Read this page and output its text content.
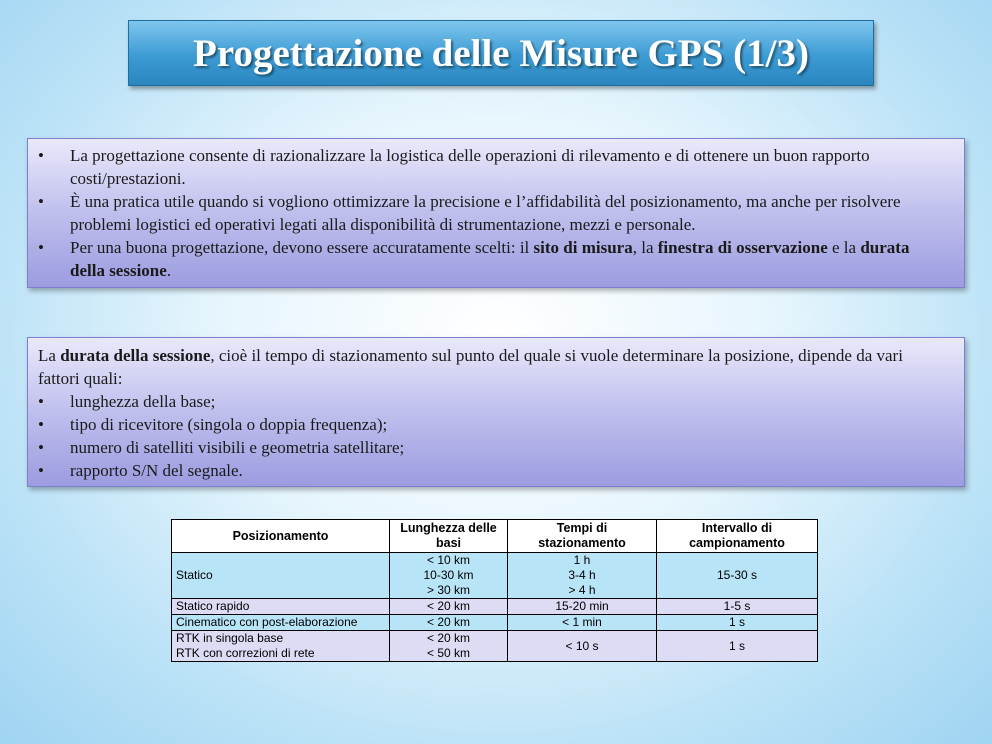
Progettazione delle Misure GPS (1/3)
•	La progettazione consente di razionalizzare la logistica delle operazioni di rilevamento e di ottenere un buon rapporto costi/prestazioni.
•	È una pratica utile quando si vogliono ottimizzare la precisione e l’affidabilità del posizionamento, ma anche per risolvere problemi logistici ed operativi legati alla disponibilità di strumentazione, mezzi e personale.
•	Per una buona progettazione, devono essere accuratamente scelti: il sito di misura, la finestra di osservazione e la durata della sessione.

La durata della sessione, cioè il tempo di stazionamento sul punto del quale si vuole determinare la posizione, dipende da vari fattori quali:

•	lunghezza della base;
•	tipo di ricevitore (singola o doppia frequenza);
•	numero di satelliti visibili e geometria satellitare;
•	rapporto S/N del segnale.
Posizionamento	Lunghezza delle basi	Tempi di stazionamento	Intervallo di campionamento
Statico	< 10 km	1 h	15-30 s
	10-30 km	3-4 h	
	> 30 km	> 4 h	
Statico rapido	< 20 km	15-20 min	1-5 s
Cinematico con post-elaborazione	< 20 km	< 1 min	1 s
RTK in singola base	< 20 km	< 10 s	1 s
RTK con correzioni di rete	< 50 km		
